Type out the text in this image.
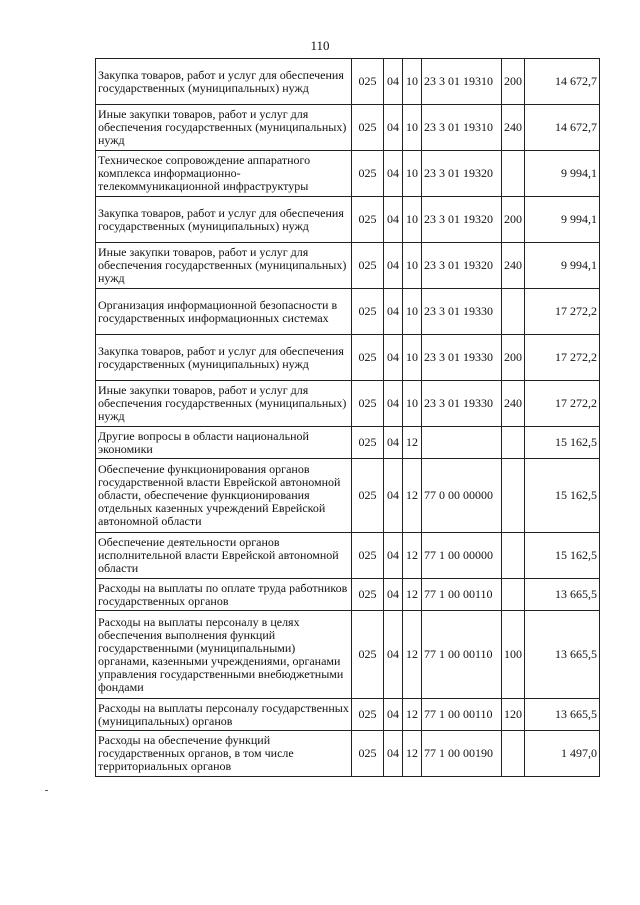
110
Закупка товаров, работ и услуг для обеспечения государственных (муниципальных) нужд	025	04	10	23 3 01 19310	200	14 672,7
Иные закупки товаров, работ и услуг для обеспечения государственных (муниципальных) нужд	025	04	10	23 3 01 19310	240	14 672,7
Техническое сопровождение аппаратного комплекса информационно-телекоммуникационной инфраструктуры	025	04	10	23 3 01 19320		9 994,1
Закупка товаров, работ и услуг для обеспечения государственных (муниципальных) нужд	025	04	10	23 3 01 19320	200	9 994,1
Иные закупки товаров, работ и услуг для обеспечения государственных (муниципальных) нужд	025	04	10	23 3 01 19320	240	9 994,1
Организация информационной безопасности в государственных информационных системах	025	04	10	23 3 01 19330		17 272,2
Закупка товаров, работ и услуг для обеспечения государственных (муниципальных) нужд	025	04	10	23 3 01 19330	200	17 272,2
Иные закупки товаров, работ и услуг для обеспечения государственных (муниципальных) нужд	025	04	10	23 3 01 19330	240	17 272,2
Другие вопросы в области национальной экономики	025	04	12			15 162,5
Обеспечение функционирования органов государственной власти Еврейской автономной области, обеспечение функционирования отдельных казенных учреждений Еврейской автономной области	025	04	12	77 0 00 00000		15 162,5
Обеспечение деятельности органов исполнительной власти Еврейской автономной области	025	04	12	77 1 00 00000		15 162,5
Расходы на выплаты по оплате труда работников государственных органов	025	04	12	77 1 00 00110		13 665,5
Расходы на выплаты персоналу в целях обеспечения выполнения функций государственными (муниципальными) органами, казенными учреждениями, органами управления государственными внебюджетными фондами	025	04	12	77 1 00 00110	100	13 665,5
Расходы на выплаты персоналу государственных (муниципальных) органов	025	04	12	77 1 00 00110	120	13 665,5
Расходы на обеспечение функций государственных органов, в том числе территориальных органов	025	04	12	77 1 00 00190		1 497,0
